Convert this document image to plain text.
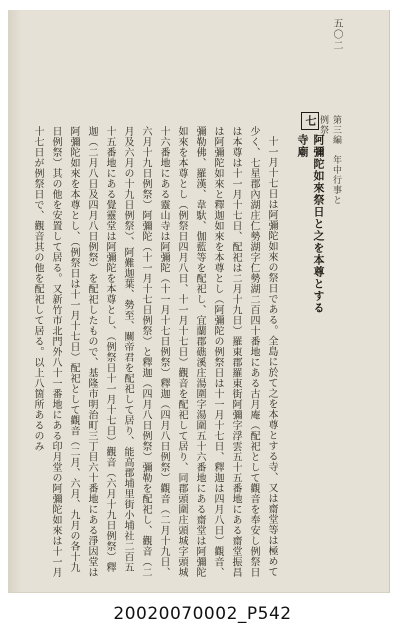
五〇二
第三編　年中行事と例祭
七
阿彌陀如來祭日と之を本尊とする寺廟

十一月十七日は阿彌陀如來の祭日である。全島に於て之を本尊とする寺、又は齋堂等は極めて少く、七星郡內湖庄仁勢湖字仁勢湖二百四十番地にある古月庵（配祀として觀音を奉安し例祭日は本尊は十一月十七日、配祀は二月十九日）羅東郡羅東街阿彌字浮雲五十五番地にある齋堂振昌は阿彌陀如來と釋迦如來を本尊とし（阿彌陀の例祭日は十一月十七日、釋迦は四月八日）觀音、彌勒佛、羅漢、韋馱、伽藍等を配祀し、宜蘭郡礁溪庄湯圍字湯圍五十六番地にある齋堂は阿彌陀如來を本尊とし（例祭日四月八日、十一月十七日）觀音を配祀して居り、同郡頭圍庄頭城字頭城十六番地にある靈山寺は阿彌陀（十一月十七日例祭）釋迦（四月八日例祭）觀音（二月十九日、六月十九日例祭）阿彌陀（十一月十七日例祭）と釋迦（四月八日例祭）彌勒を配祀し、觀音（二月及六月の十九日例祭）、阿難迦葉、勢至、關帝君を配祀して居り、能高郡埔里街小埔社二百五十五番地にある覺靈堂は阿彌陀を本尊とし、（例祭日十一月十七日）觀音（六月十九日例祭）釋迦（二月八日及四月八日例祭）を配祀したもので、基隆市明治町三丁目六十番地にある淨因堂は阿彌陀如來を本尊とし、（例祭日は十一月十七日）配祀として觀音（二月、六月、九月の各十九日例祭）其の他を安置して居る。又新竹市北門外八十一番地にある印月堂の阿彌陀如來は十一月十七日が例祭日で、觀音其の他を配祀して居る。以上八箇所あるのみ

20020070002_P542
